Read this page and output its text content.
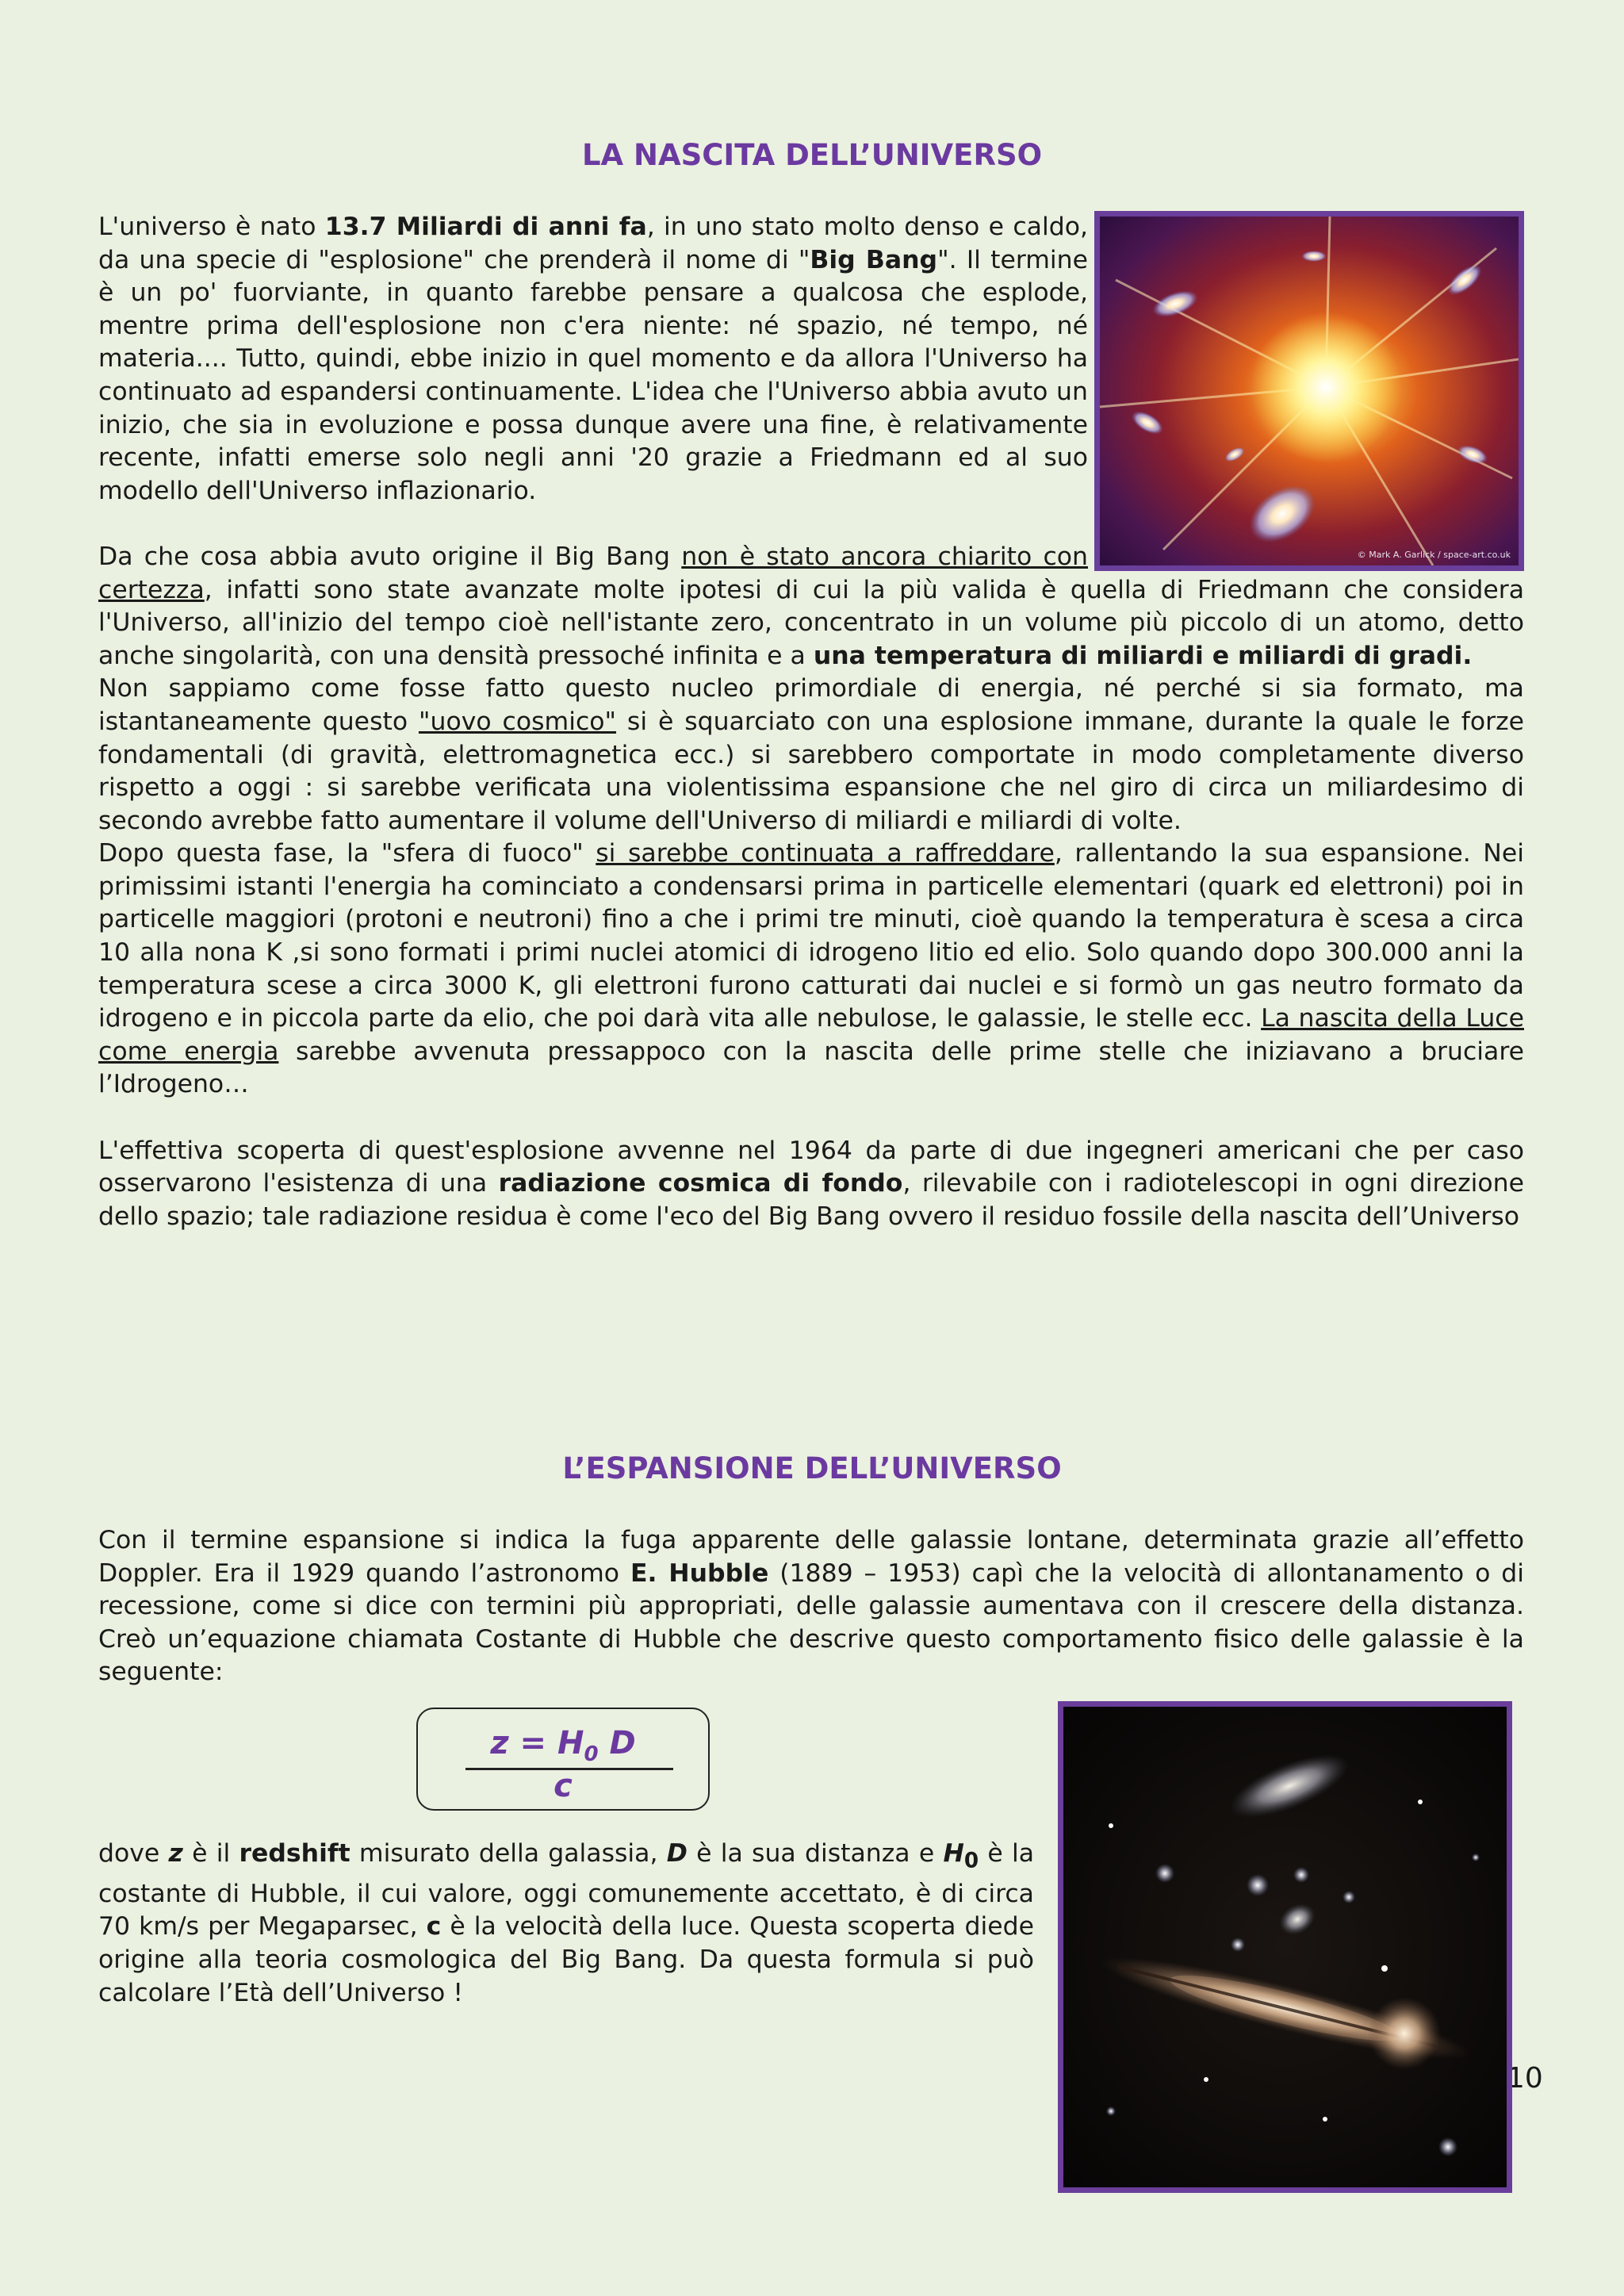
LA NASCITA DELL’UNIVERSO
© Mark A. Garlick / space-art.co.uk

L'universo è nato 13.7 Miliardi di anni fa, in uno stato molto denso e caldo, da una specie di "esplosione" che prenderà il nome di "Big Bang". Il termine è un po' fuorviante, in quanto farebbe pensare a qualcosa che esplode, mentre prima dell'esplosione non c'era niente: né spazio, né tempo, né materia.... Tutto, quindi, ebbe inizio in quel momento e da allora l'Universo ha continuato ad espandersi continuamente. L'idea che l'Universo abbia avuto un inizio, che sia in evoluzione e possa dunque avere una fine, è relativamente recente, infatti emerse solo negli anni '20 grazie a Friedmann ed al suo modello dell'Universo inflazionario.

Da che cosa abbia avuto origine il Big Bang non è stato ancora chiarito con certezza, infatti sono state avanzate molte ipotesi di cui la più valida è quella di Friedmann che considera l'Universo, all'inizio del tempo cioè nell'istante zero, concentrato in un volume più piccolo di un atomo, detto anche singolarità, con una densità pressoché infinita e a una temperatura di miliardi e miliardi di gradi.

Non sappiamo come fosse fatto questo nucleo primordiale di energia, né perché si sia formato, ma istantaneamente questo "uovo cosmico" si è squarciato con una esplosione immane, durante la quale le forze fondamentali (di gravità, elettromagnetica ecc.) si sarebbero comportate in modo completamente diverso rispetto a oggi : si sarebbe verificata una violentissima espansione che nel giro di circa un miliardesimo di secondo avrebbe fatto aumentare il volume dell'Universo di miliardi e miliardi di volte.

Dopo questa fase, la "sfera di fuoco" si sarebbe continuata a raffreddare, rallentando la sua espansione. Nei primissimi istanti l'energia ha cominciato a condensarsi prima in particelle elementari (quark ed elettroni) poi in particelle maggiori (protoni e neutroni) fino a che i primi tre minuti, cioè quando la temperatura è scesa a circa 10 alla nona K ,si sono formati i primi nuclei atomici di idrogeno litio ed elio. Solo quando dopo 300.000 anni la temperatura scese a circa 3000 K, gli elettroni furono catturati dai nuclei e si formò un gas neutro formato da idrogeno e in piccola parte da elio, che poi darà vita alle nebulose, le galassie, le stelle ecc. La nascita della Luce come energia sarebbe avvenuta pressappoco con la nascita delle prime stelle che iniziavano a bruciare l’Idrogeno…

L'effettiva scoperta di quest'esplosione avvenne nel 1964 da parte di due ingegneri americani che per caso osservarono l'esistenza di una radiazione cosmica di fondo, rilevabile con i radiotelescopi in ogni direzione dello spazio; tale radiazione residua è come l'eco del Big Bang ovvero il residuo fossile della nascita dell’Universo

L’ESPANSIONE DELL’UNIVERSO

Con il termine espansione si indica la fuga apparente delle galassie lontane, determinata grazie all’effetto Doppler. Era il 1929 quando l’astronomo E. Hubble (1889 – 1953) capì che la velocità di allontanamento o di recessione, come si dice con termini più appropriati, delle galassie aumentava con il crescere della distanza. Creò un’equazione chiamata Costante di Hubble che descrive questo comportamento fisico delle galassie è la seguente:

$z = H_0$ D
c

dove z è il redshift misurato della galassia, D è la sua distanza e $H_0$ è la costante di Hubble, il cui valore, oggi comunemente accettato, è di circa 70 km/s per Megaparsec, c è la velocità della luce. Questa scoperta diede origine alla teoria cosmologica del Big Bang. Da questa formula si può calcolare l’Età dell’Universo !

10
